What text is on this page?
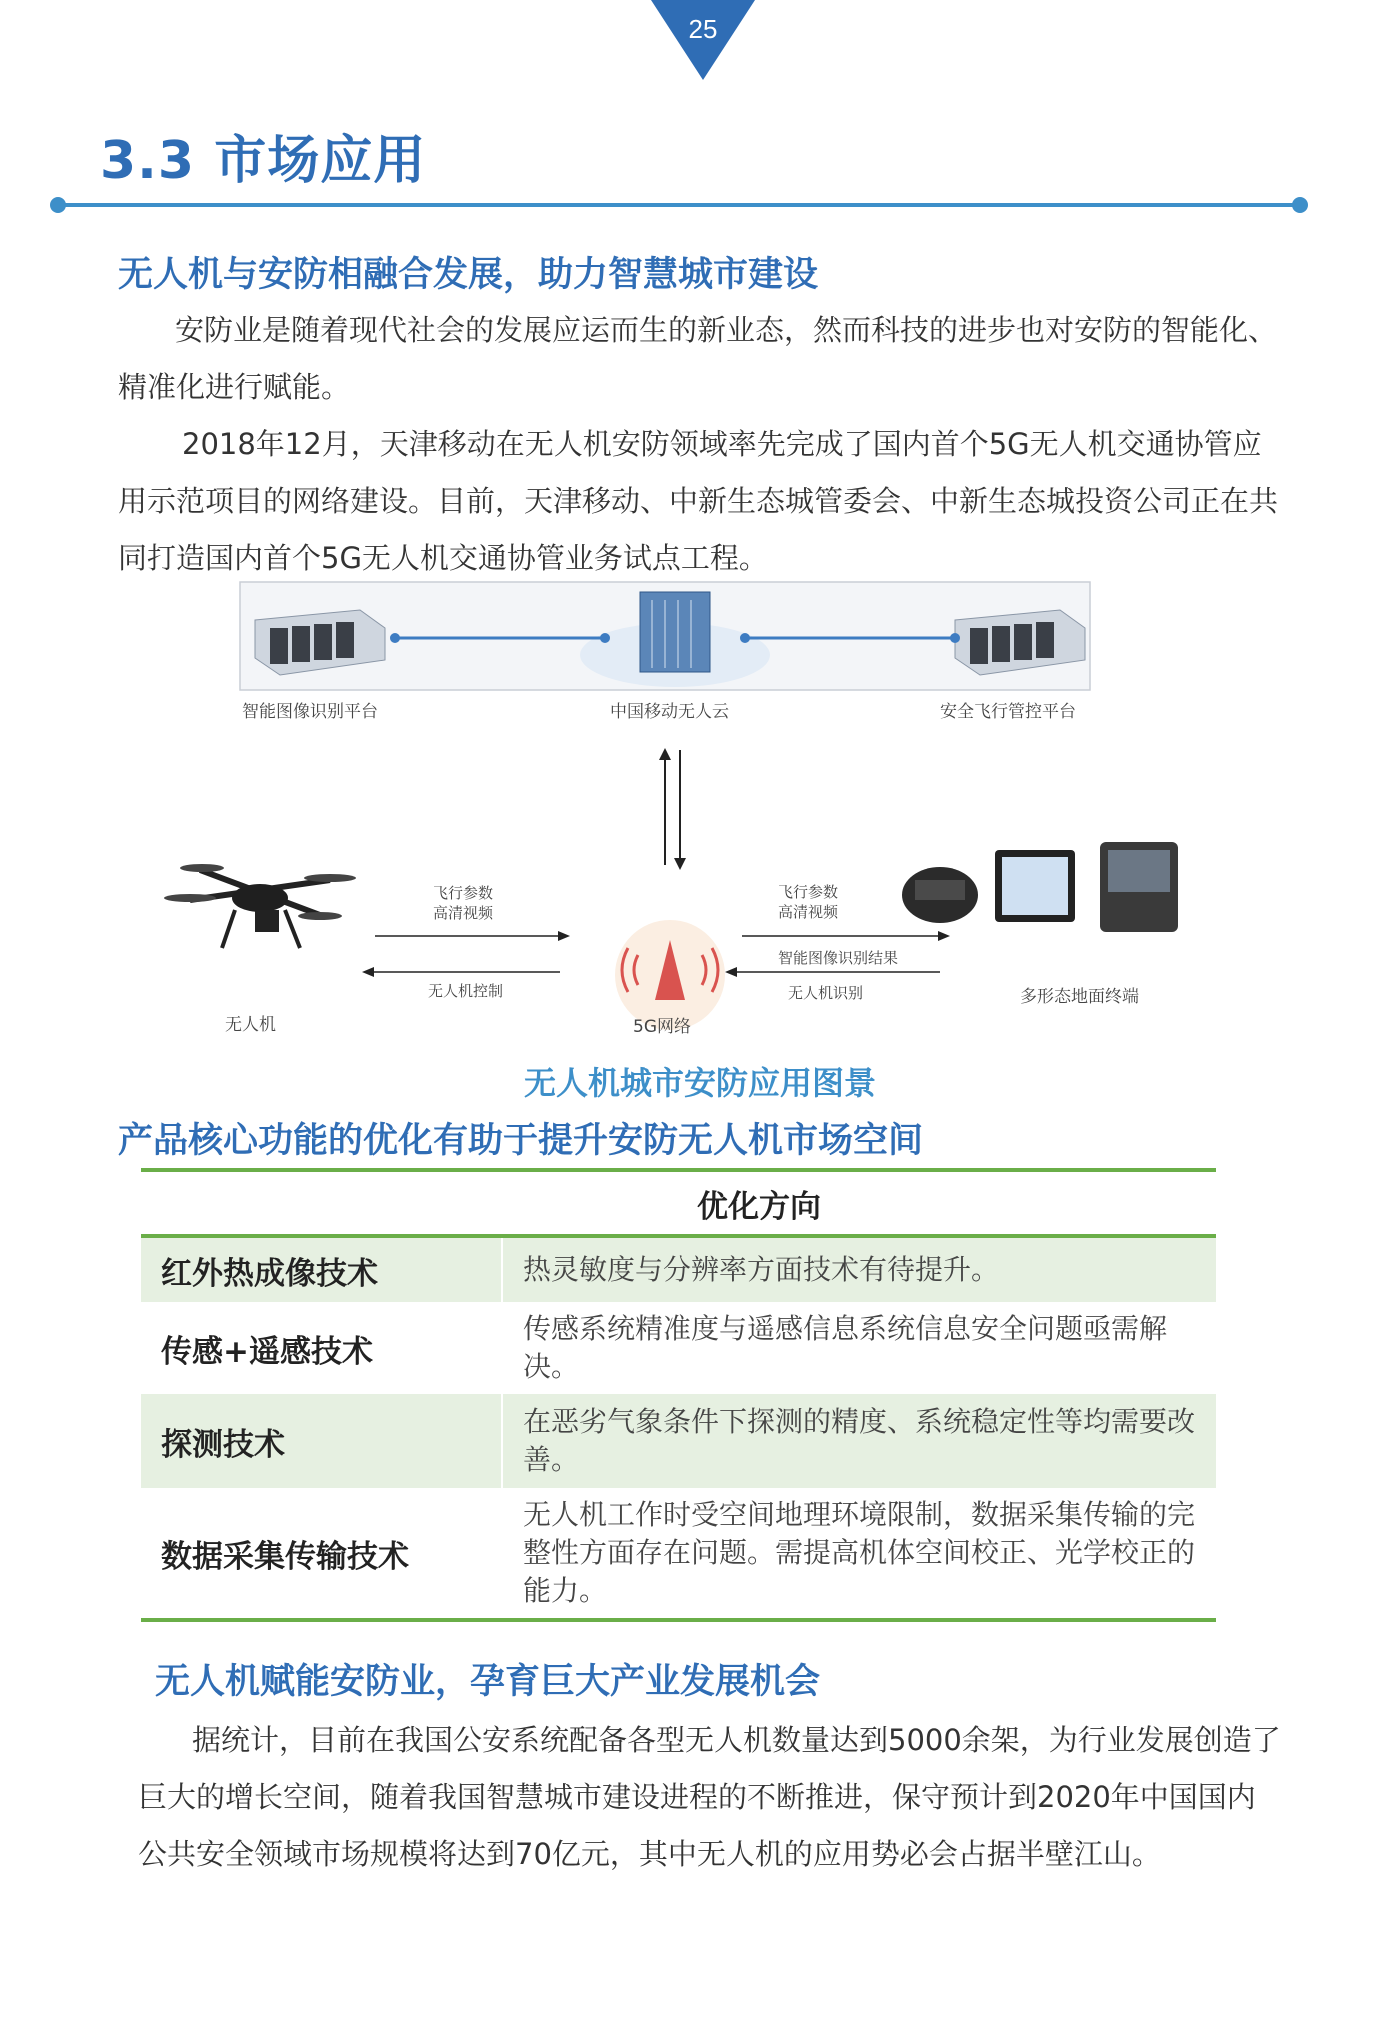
25
3.3 市场应用
无人机与安防相融合发展，助力智慧城市建设

安防业是随着现代社会的发展应运而生的新业态，然而科技的进步也对安防的智能化、精准化进行赋能。

2018年12月，天津移动在无人机安防领域率先完成了国内首个5G无人机交通协管应用示范项目的网络建设。目前，天津移动、中新生态城管委会、中新生态城投资公司正在共同打造国内首个5G无人机交通协管业务试点工程。

智能图像识别平台	中国移动无人云	安全飞行管控平台
飞行参数
高清视频
无人机控制
无人机	5G网络
飞行参数
高清视频
智能图像识别结果
无人机识别	多形态地面终端
无人机城市安防应用图景
产品核心功能的优化有助于提升安防无人机市场空间
	优化方向
红外热成像技术	热灵敏度与分辨率方面技术有待提升。
传感+遥感技术	传感系统精准度与遥感信息系统信息安全问题亟需解决。
探测技术	在恶劣气象条件下探测的精度、系统稳定性等均需要改善。
数据采集传输技术	无人机工作时受空间地理环境限制，数据采集传输的完整性方面存在问题。需提高机体空间校正、光学校正的能力。
无人机赋能安防业，孕育巨大产业发展机会

据统计，目前在我国公安系统配备各型无人机数量达到5000余架，为行业发展创造了巨大的增长空间，随着我国智慧城市建设进程的不断推进，保守预计到2020年中国国内公共安全领域市场规模将达到70亿元，其中无人机的应用势必会占据半壁江山。
